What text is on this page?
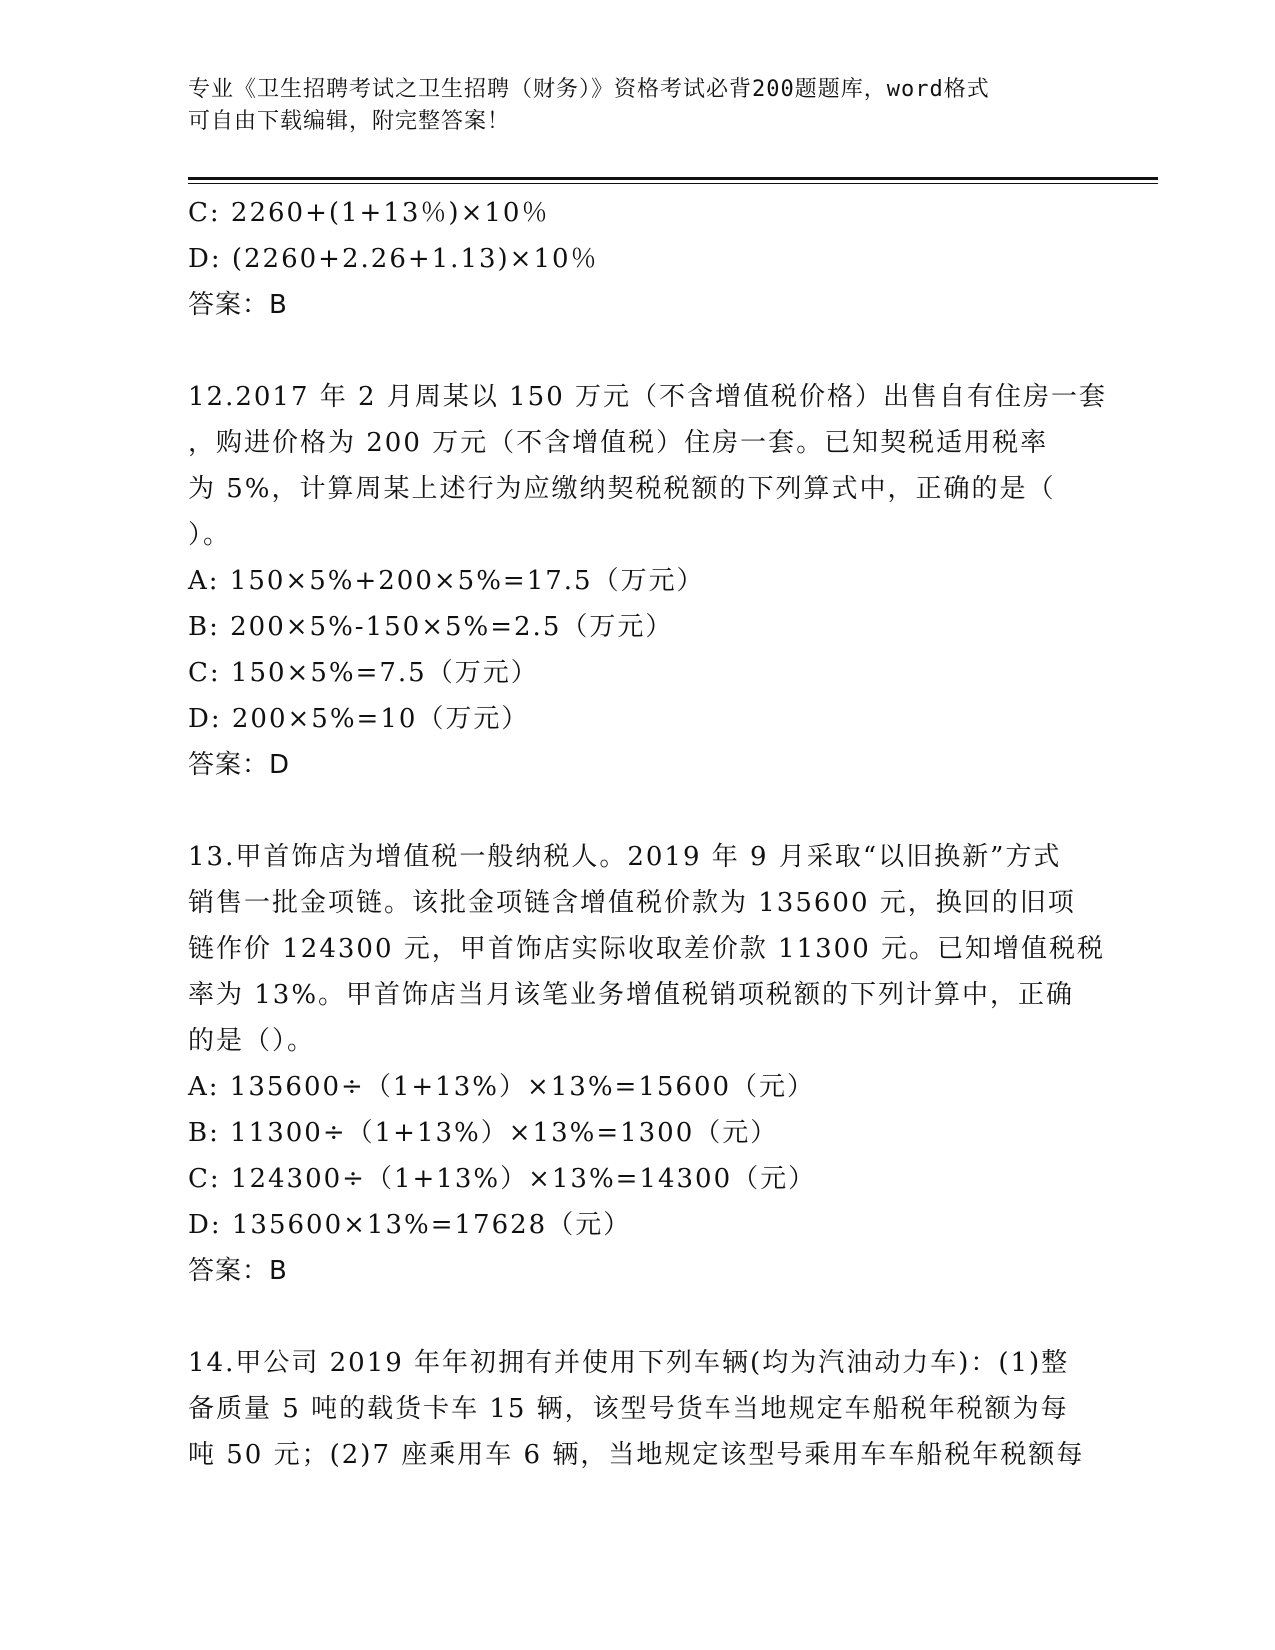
专业《卫生招聘考试之卫生招聘（财务）》资格考试必背200题题库，word格式
可自由下载编辑，附完整答案！
C: 2260+(1+13％)×10％
D: (2260+2.26+1.13)×10％
答案：B
12.2017 年 2 月周某以 150 万元（不含增值税价格）出售自有住房一套
，购进价格为 200 万元（不含增值税）住房一套。已知契税适用税率
为 5%，计算周某上述行为应缴纳契税税额的下列算式中，正确的是（
）。
A: 150×5%+200×5%=17.5（万元）
B: 200×5%-150×5%=2.5（万元）
C: 150×5%=7.5（万元）
D: 200×5%=10（万元）
答案：D
13.甲首饰店为增值税一般纳税人。2019 年 9 月采取“以旧换新”方式
销售一批金项链。该批金项链含增值税价款为 135600 元，换回的旧项
链作价 124300 元，甲首饰店实际收取差价款 11300 元。已知增值税税
率为 13%。甲首饰店当月该笔业务增值税销项税额的下列计算中，正确
的是（）。
A: 135600÷（1+13%）×13%=15600（元）
B: 11300÷（1+13%）×13%=1300（元）
C: 124300÷（1+13%）×13%=14300（元）
D: 135600×13%=17628（元）
答案：B
14.甲公司 2019 年年初拥有并使用下列车辆(均为汽油动力车)：(1)整
备质量 5 吨的载货卡车 15 辆，该型号货车当地规定车船税年税额为每
吨 50 元；(2)7 座乘用车 6 辆，当地规定该型号乘用车车船税年税额每
